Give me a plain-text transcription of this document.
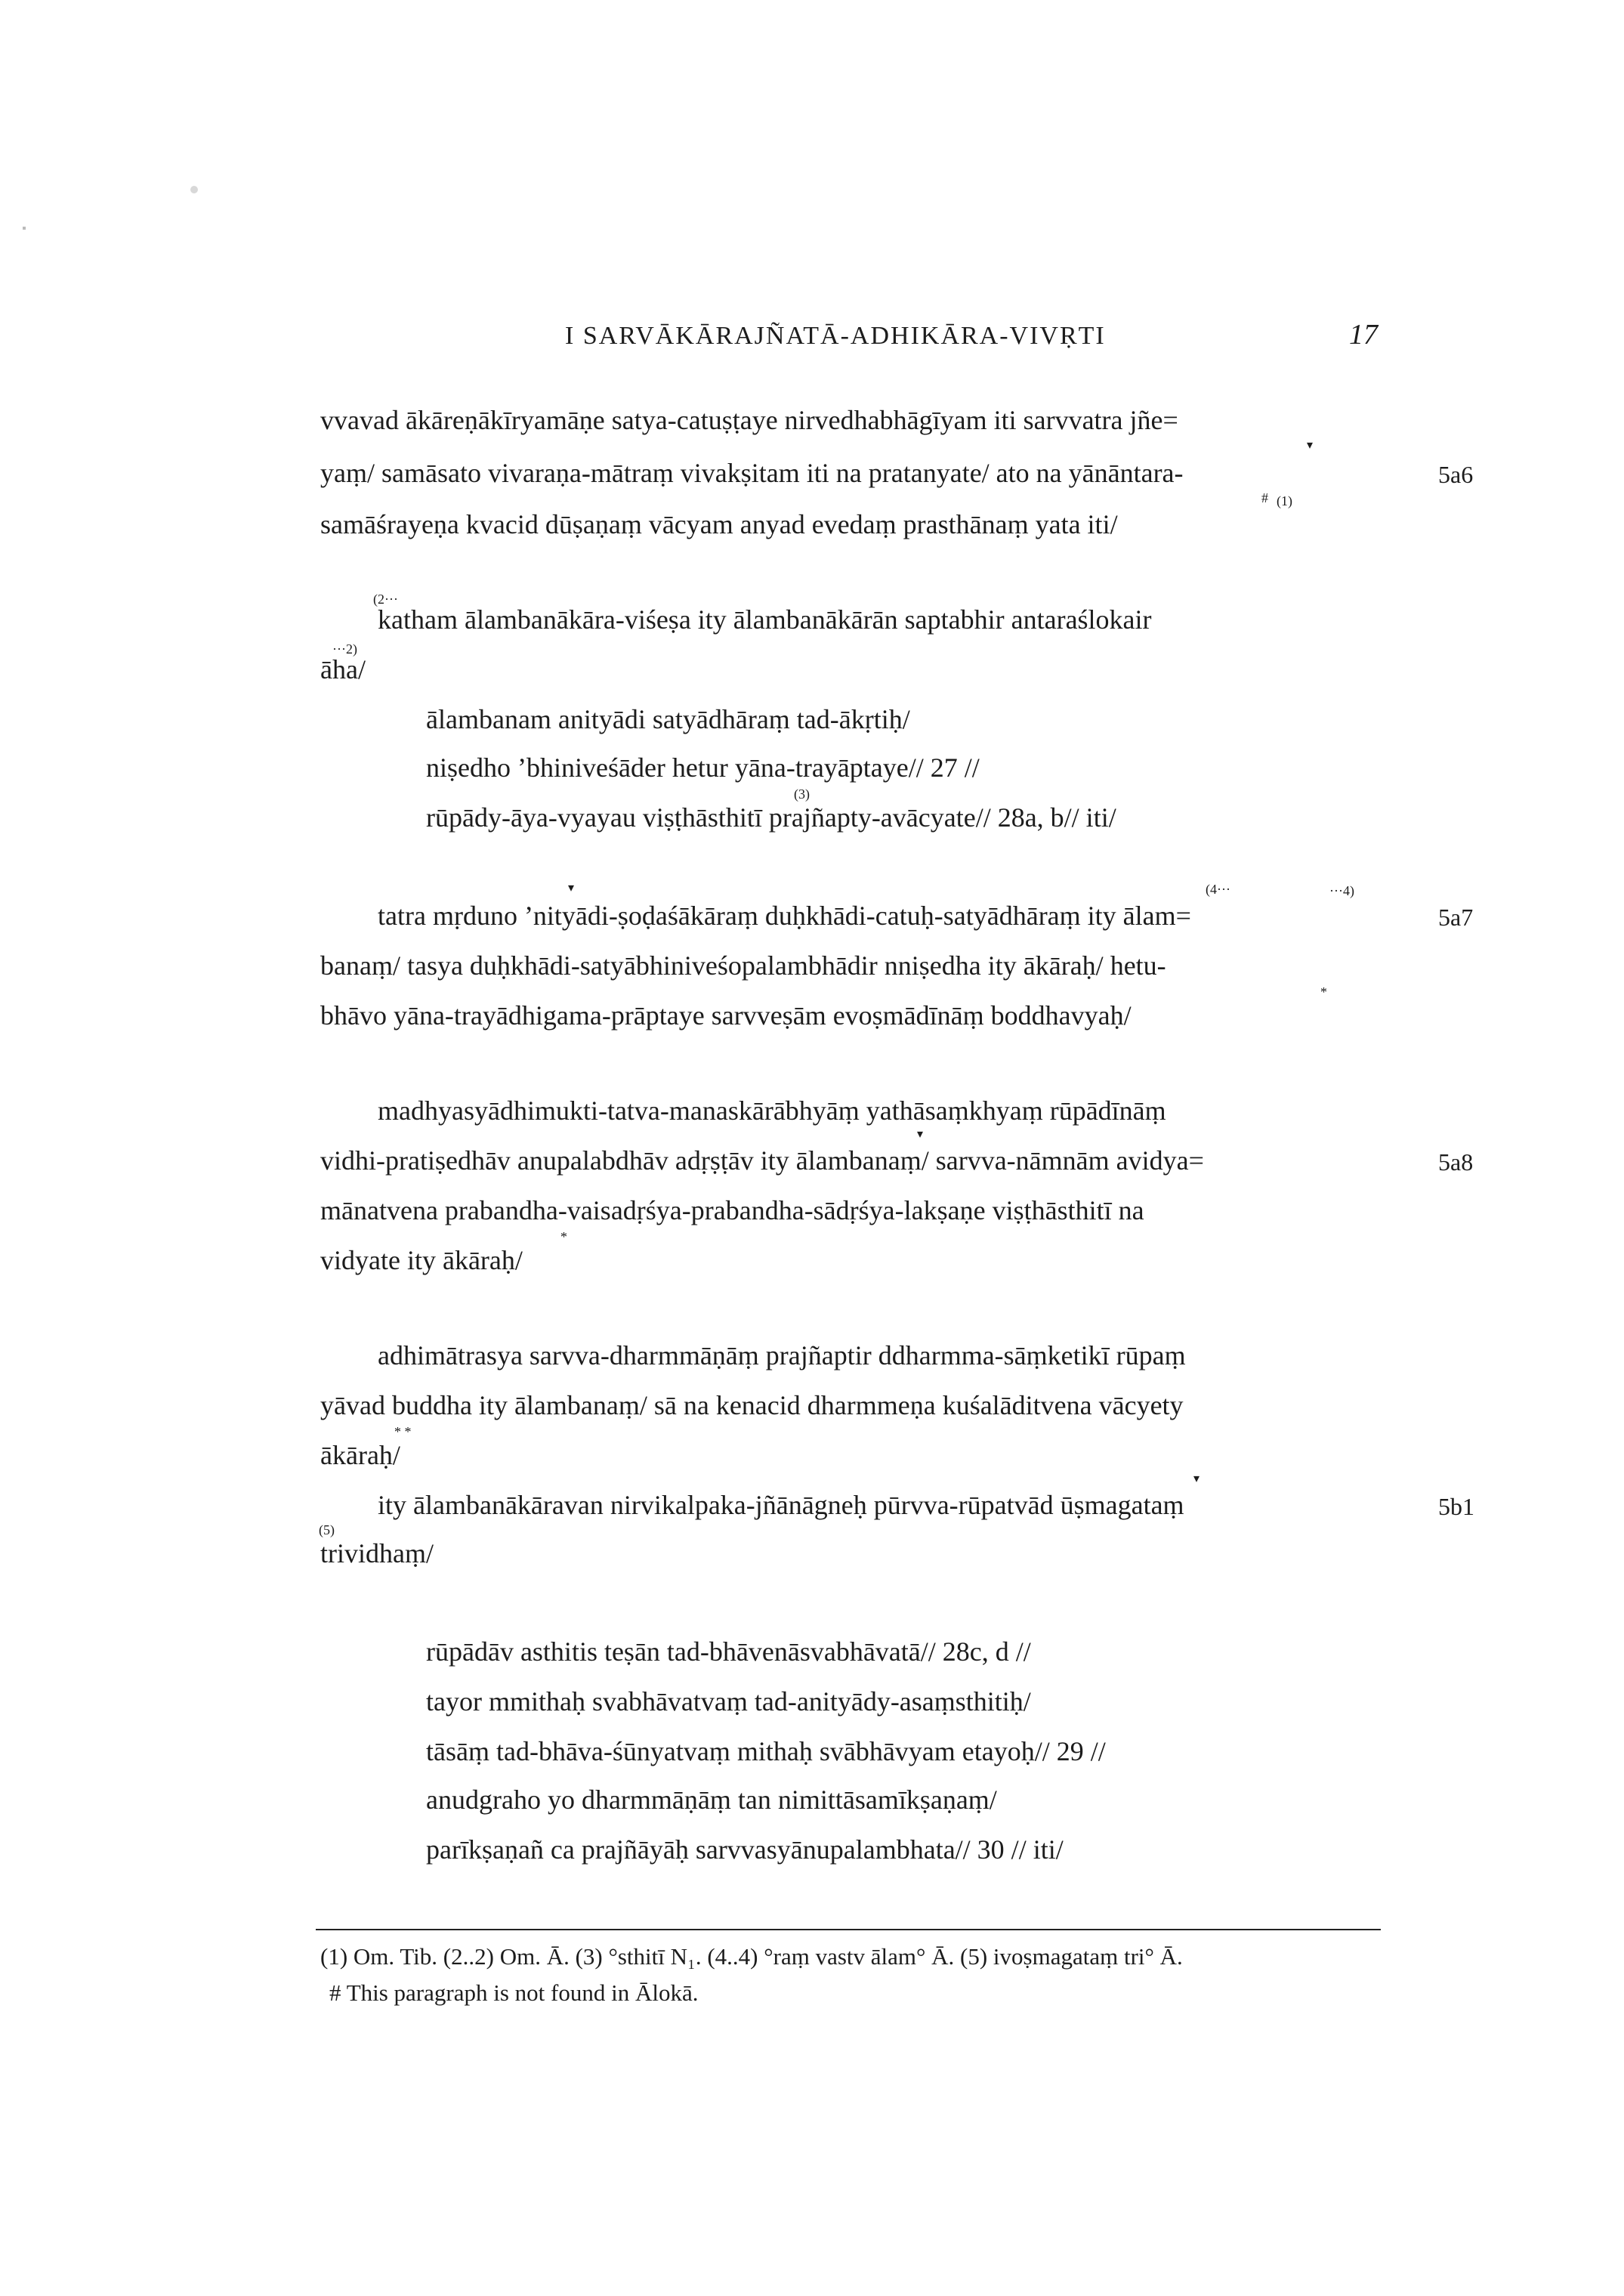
I SARVĀKĀRAJÑATĀ-ADHIKĀRA-VIVṚTI	17
vvavad ākāreṇākīryamāṇe satya-catuṣṭaye nirvedhabhāgīyam iti sarvvatra jñe=
▾
yaṃ/ samāsato vivaraṇa-mātraṃ vivakṣitam iti na pratanyate/ ato na yānāntara-	5a6
# (1)
samāśrayeṇa kvacid dūṣaṇaṃ vācyam anyad evedaṃ prasthānaṃ yata iti/
(2···
katham ālambanākāra-viśeṣa ity ālambanākārān saptabhir antaraślokair
···2)
āha/
ālambanam anityādi satyādhāraṃ tad-ākṛtiḥ/
niṣedho ’bhiniveśāder hetur yāna-trayāptaye// 27 //
(3)
rūpādy-āya-vyayau viṣṭhāsthitī prajñapty-avācyate// 28a, b// iti/
▾	(4···	···4)
tatra mṛduno ’nityādi-ṣoḍaśākāraṃ duḥkhādi-catuḥ-satyādhāraṃ ity ālam=	5a7
banaṃ/ tasya duḥkhādi-satyābhiniveśopalambhādir nniṣedha ity ākāraḥ/ hetu-
*
bhāvo yāna-trayādhigama-prāptaye sarvveṣām evoṣmādīnāṃ boddhavyaḥ/
madhyasyādhimukti-tatva-manaskārābhyāṃ yathāsaṃkhyaṃ rūpādīnāṃ
▾
vidhi-pratiṣedhāv anupalabdhāv adṛṣṭāv ity ālambanaṃ/ sarvva-nāmnām avidya=	5a8
mānatvena prabandha-vaisadṛśya-prabandha-sādṛśya-lakṣaṇe viṣṭhāsthitī na
*
vidyate ity ākāraḥ/
adhimātrasya sarvva-dharmmāṇāṃ prajñaptir ddharmma-sāṃketikī rūpaṃ
yāvad buddha ity ālambanaṃ/ sā na kenacid dharmmeṇa kuśalāditvena vācyety
* *
ākāraḥ/
▾
ity ālambanākāravan nirvikalpaka-jñānāgneḥ pūrvva-rūpatvād ūṣmagataṃ	5b1
(5)
trividhaṃ/
rūpādāv asthitis teṣān tad-bhāvenāsvabhāvatā// 28c, d //
tayor mmithaḥ svabhāvatvaṃ tad-anityādy-asaṃsthitiḥ/
tāsāṃ tad-bhāva-śūnyatvaṃ mithaḥ svābhāvyam etayoḥ// 29 //
anudgraho yo dharmmāṇāṃ tan nimittāsamīkṣaṇaṃ/
parīkṣaṇañ ca prajñāyāḥ sarvvasyānupalambhata// 30 // iti/
(1) Om. Tib. (2..2) Om. Ā. (3) °sthitī N₁. (4..4) °raṃ vastv ālam° Ā. (5) ivoṣmagataṃ tri° Ā.
# This paragraph is not found in Ālokā.
